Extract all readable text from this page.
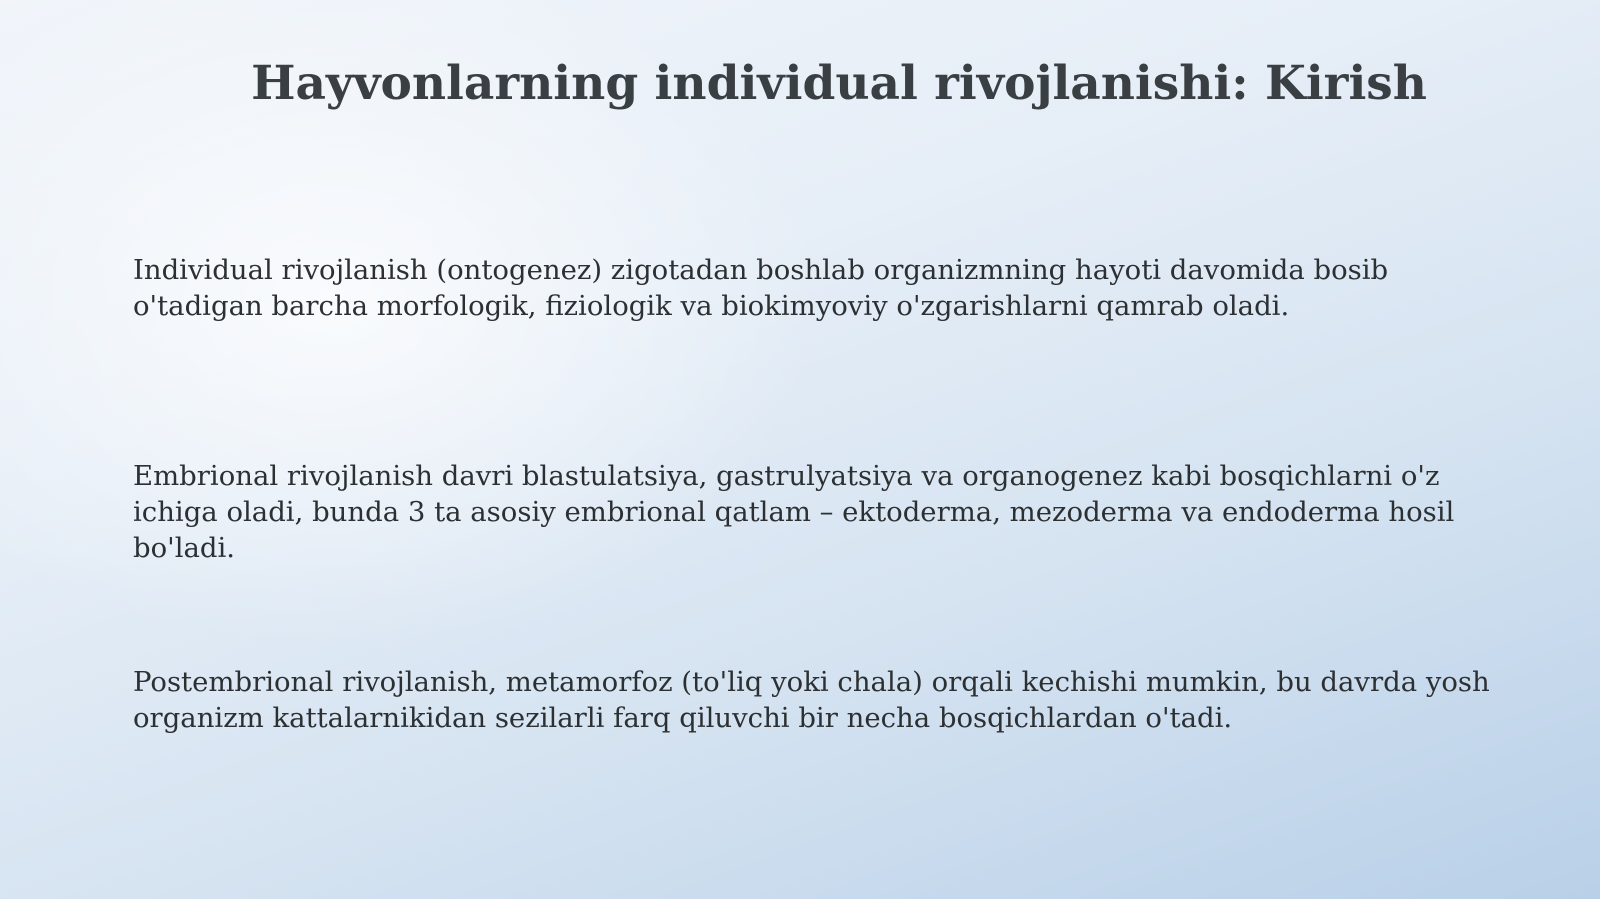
Hayvonlarning individual rivojlanishi: Kirish

Individual rivojlanish (ontogenez) zigotadan boshlab organizmning hayoti davomida bosib o'tadigan barcha morfologik, fiziologik va biokimyoviy o'zgarishlarni qamrab oladi.

Embrional rivojlanish davri blastulatsiya, gastrulyatsiya va organogenez kabi bosqichlarni o'z ichiga oladi, bunda 3 ta asosiy embrional qatlam – ektoderma, mezoderma va endoderma hosil bo'ladi.

Postembrional rivojlanish, metamorfoz (to'liq yoki chala) orqali kechishi mumkin, bu davrda yosh organizm kattalarnikidan sezilarli farq qiluvchi bir necha bosqichlardan o'tadi.
